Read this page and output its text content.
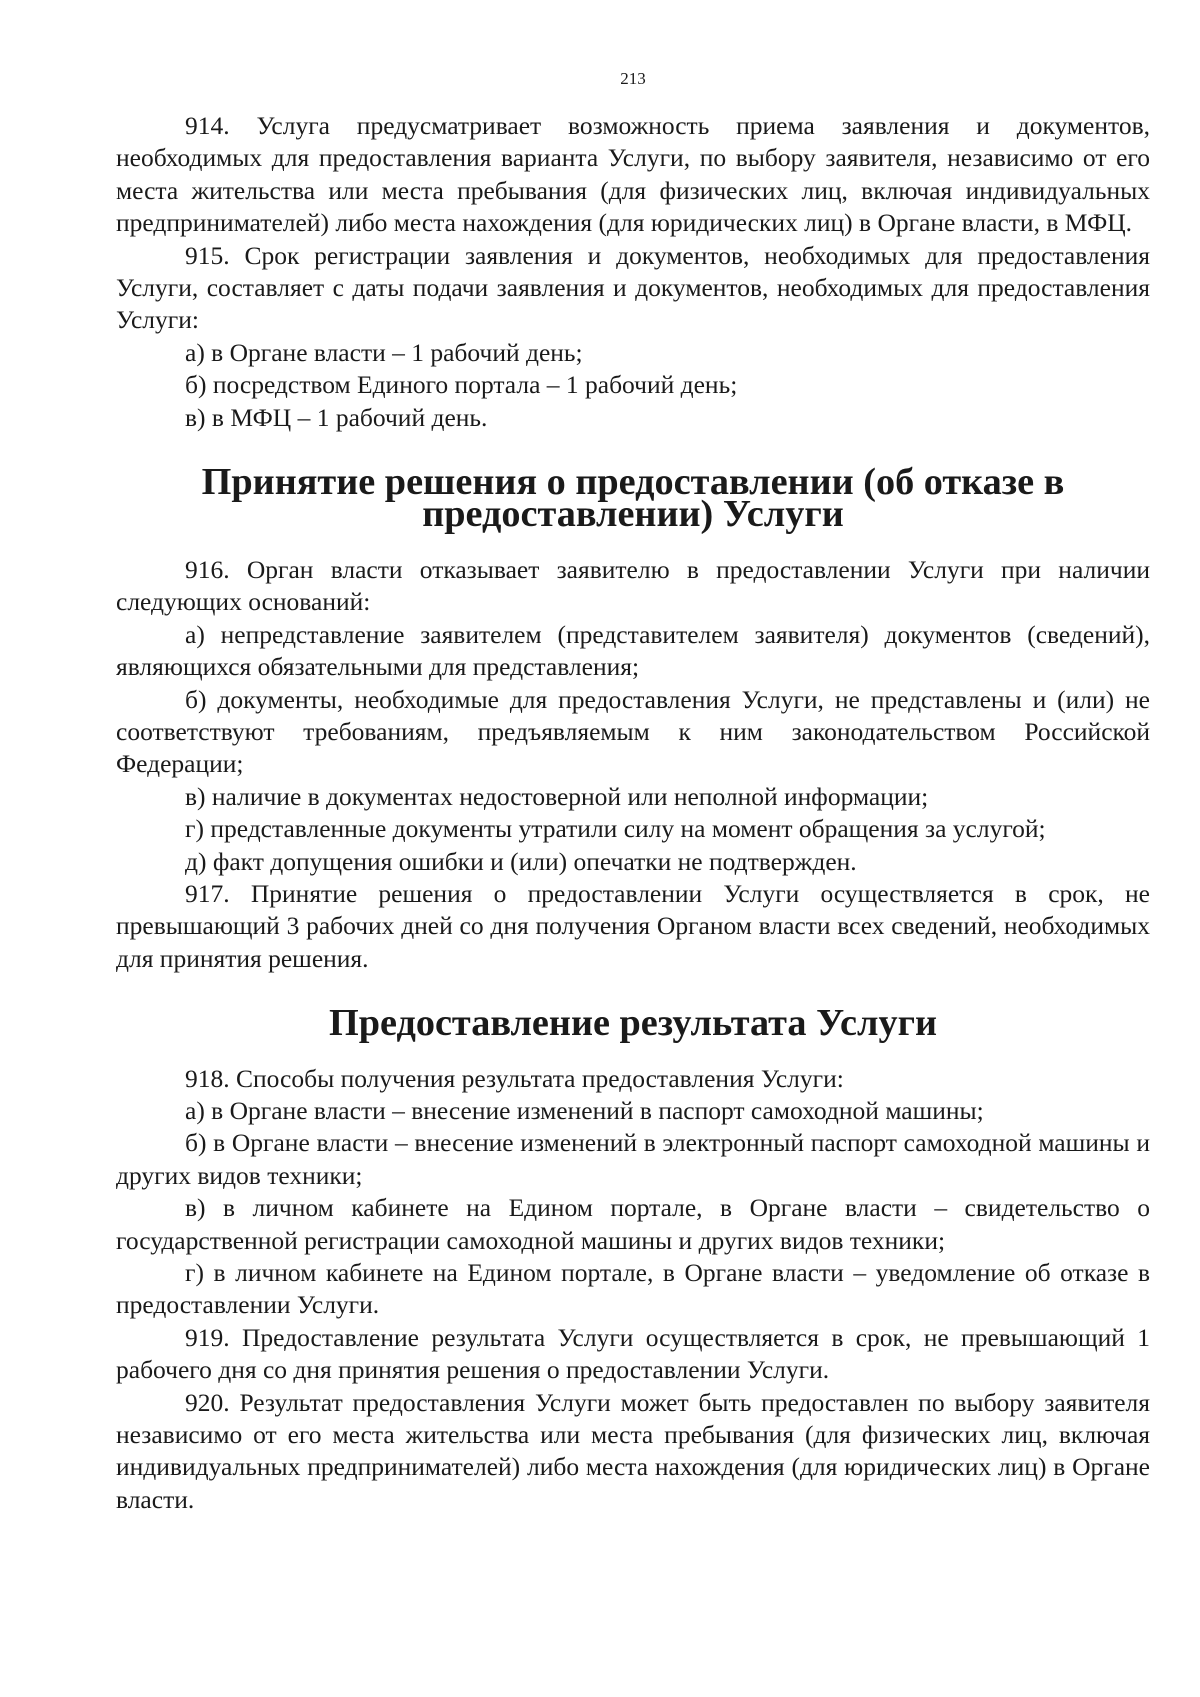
213

914. Услуга предусматривает возможность приема заявления и документов, необходимых для предоставления варианта Услуги, по выбору заявителя, независимо от его места жительства или места пребывания (для физических лиц, включая индивидуальных предпринимателей) либо места нахождения (для юридических лиц) в Органе власти, в МФЦ.

915. Срок регистрации заявления и документов, необходимых для предоставления Услуги, составляет с даты подачи заявления и документов, необходимых для предоставления Услуги:

а) в Органе власти – 1 рабочий день;

б) посредством Единого портала – 1 рабочий день;

в) в МФЦ – 1 рабочий день.

Принятие решения о предоставлении (об отказе в предоставлении) Услуги

916. Орган власти отказывает заявителю в предоставлении Услуги при наличии следующих оснований:

а) непредставление заявителем (представителем заявителя) документов (сведений), являющихся обязательными для представления;

б) документы, необходимые для предоставления Услуги, не представлены и (или) не соответствуют требованиям, предъявляемым к ним законодательством Российской Федерации;

в) наличие в документах недостоверной или неполной информации;

г) представленные документы утратили силу на момент обращения за услугой;

д) факт допущения ошибки и (или) опечатки не подтвержден.

917. Принятие решения о предоставлении Услуги осуществляется в срок, не превышающий 3 рабочих дней со дня получения Органом власти всех сведений, необходимых для принятия решения.

Предоставление результата Услуги

918. Способы получения результата предоставления Услуги:

а) в Органе власти – внесение изменений в паспорт самоходной машины;

б) в Органе власти – внесение изменений в электронный паспорт самоходной машины и других видов техники;

в) в личном кабинете на Едином портале, в Органе власти – свидетельство о государственной регистрации самоходной машины и других видов техники;

г) в личном кабинете на Едином портале, в Органе власти – уведомление об отказе в предоставлении Услуги.

919. Предоставление результата Услуги осуществляется в срок, не превышающий 1 рабочего дня со дня принятия решения о предоставлении Услуги.

920. Результат предоставления Услуги может быть предоставлен по выбору заявителя независимо от его места жительства или места пребывания (для физических лиц, включая индивидуальных предпринимателей) либо места нахождения (для юридических лиц) в Органе власти.
